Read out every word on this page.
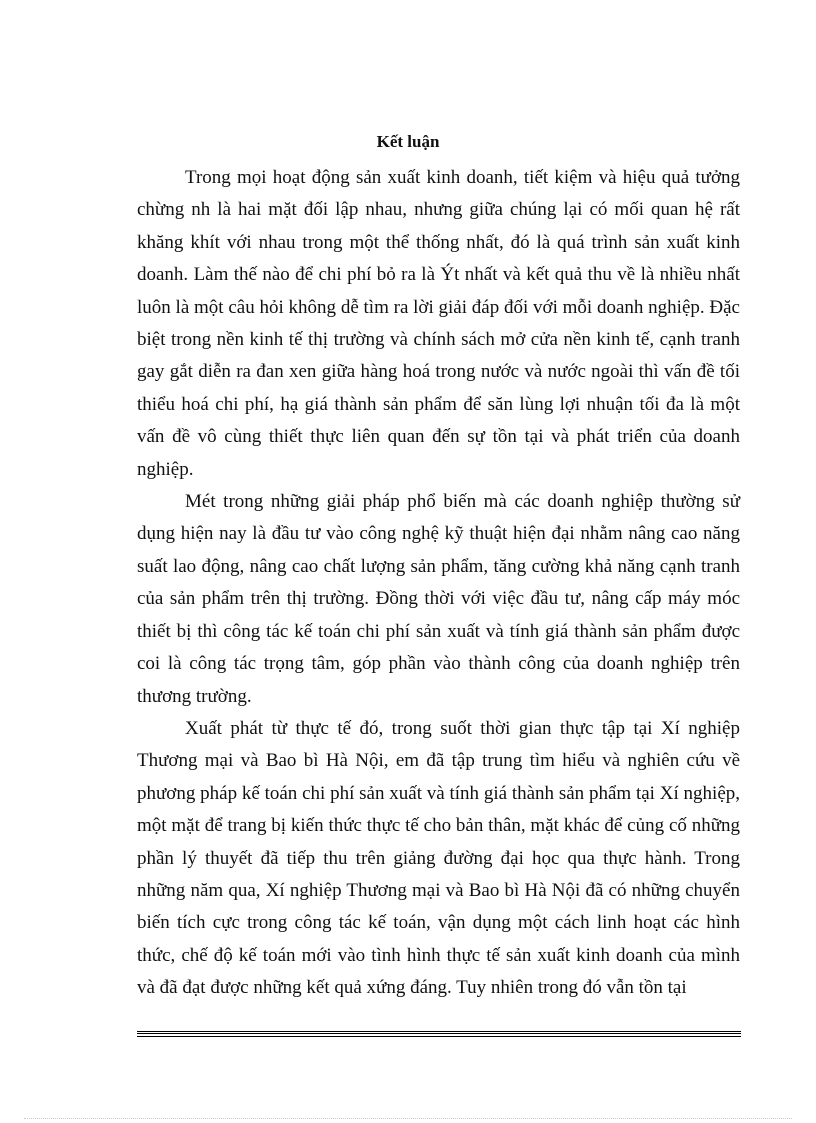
Kết luận

Trong mọi hoạt động sản xuất kinh doanh, tiết kiệm và hiệu quả tưởng chừng nh là hai mặt đối lập nhau, nhưng giữa chúng lại có mối quan hệ rất khăng khít với nhau trong một thể thống nhất, đó là quá trình sản xuất kinh doanh. Làm thế nào để chi phí bỏ ra là Ýt nhất và kết quả thu về là nhiều nhất luôn là một câu hỏi không dễ tìm ra lời giải đáp đối với mỗi doanh nghiệp. Đặc biệt trong nền kinh tế thị trường và chính sách mở cửa nền kinh tế, cạnh tranh gay gắt diễn ra đan xen giữa hàng hoá trong nước và nước ngoài thì vấn đề tối thiểu hoá chi phí, hạ giá thành sản phẩm để săn lùng lợi nhuận tối đa là một vấn đề vô cùng thiết thực liên quan đến sự tồn tại và phát triển của doanh nghiệp.

Mét trong những giải pháp phổ biến mà các doanh nghiệp thường sử dụng hiện nay là đầu tư vào công nghệ kỹ thuật hiện đại nhằm nâng cao năng suất lao động, nâng cao chất lượng sản phẩm, tăng cường khả năng cạnh tranh của sản phẩm trên thị trường. Đồng thời với việc đầu tư, nâng cấp máy móc thiết bị thì công tác kế toán chi phí sản xuất và tính giá thành sản phẩm được coi là công tác trọng tâm, góp phần vào thành công của doanh nghiệp trên thương trường.

Xuất phát từ thực tế đó, trong suốt thời gian thực tập tại Xí nghiệp Thương mại và Bao bì Hà Nội, em đã tập trung tìm hiểu và nghiên cứu về phương pháp kế toán chi phí sản xuất và tính giá thành sản phẩm tại Xí nghiệp, một mặt để trang bị kiến thức thực tế cho bản thân, mặt khác để củng cố những phần lý thuyết đã tiếp thu trên giảng đường đại học qua thực hành. Trong những năm qua, Xí nghiệp Thương mại và Bao bì Hà Nội đã có những chuyển biến tích cực trong công tác kế toán, vận dụng một cách linh hoạt các hình thức, chế độ kế toán mới vào tình hình thực tế sản xuất kinh doanh của mình và đã đạt được những kết quả xứng đáng. Tuy nhiên trong đó vẫn tồn tại
